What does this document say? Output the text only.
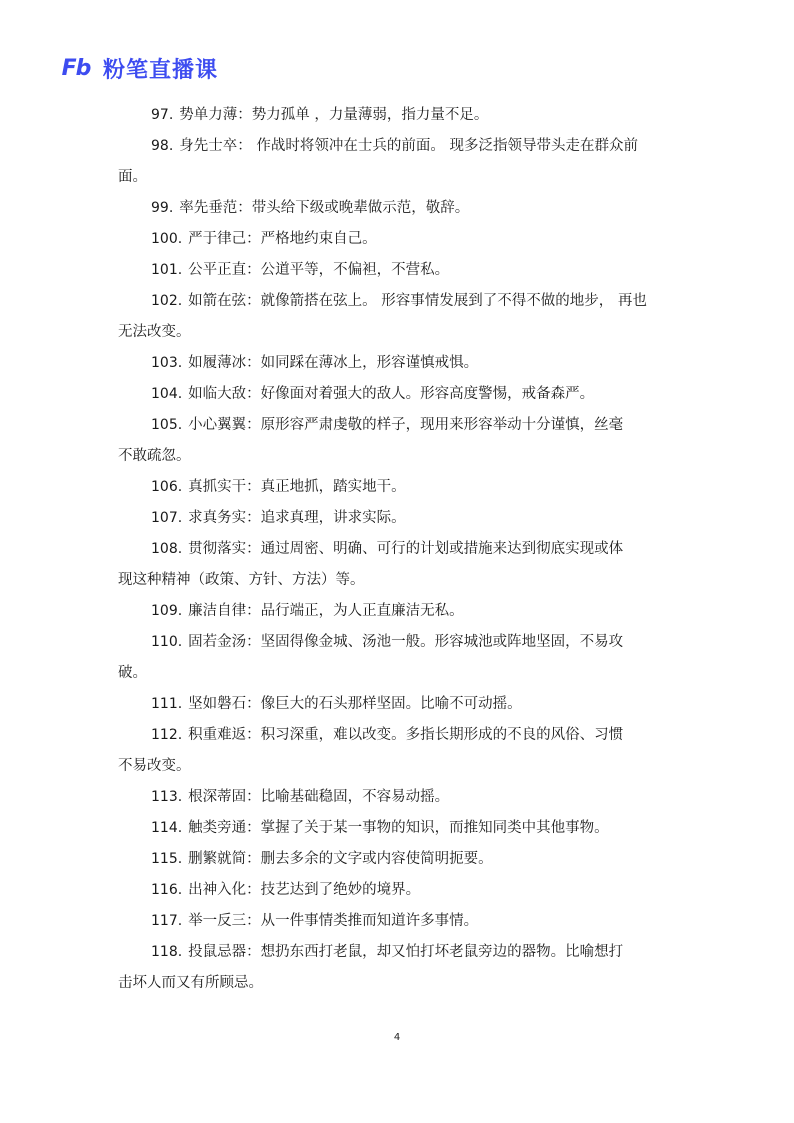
Fb 粉笔直播课
97. 势单力薄：势力孤单 ，力量薄弱，指力量不足。
98. 身先士卒： 作战时将领冲在士兵的前面。 现多泛指领导带头走在群众前
面。
99. 率先垂范：带头给下级或晚辈做示范，敬辞。
100. 严于律己：严格地约束自己。
101. 公平正直：公道平等，不偏袒，不营私。
102. 如箭在弦：就像箭搭在弦上。 形容事情发展到了不得不做的地步， 再也
无法改变。
103. 如履薄冰：如同踩在薄冰上，形容谨慎戒惧。
104. 如临大敌：好像面对着强大的敌人。形容高度警惕，戒备森严。
105. 小心翼翼：原形容严肃虔敬的样子，现用来形容举动十分谨慎，丝毫
不敢疏忽。
106. 真抓实干：真正地抓，踏实地干。
107. 求真务实：追求真理，讲求实际。
108. 贯彻落实：通过周密、明确、可行的计划或措施来达到彻底实现或体
现这种精神（政策、方针、方法）等。
109. 廉洁自律：品行端正，为人正直廉洁无私。
110. 固若金汤：坚固得像金城、汤池一般。形容城池或阵地坚固，不易攻
破。
111. 坚如磐石：像巨大的石头那样坚固。比喻不可动摇。
112. 积重难返：积习深重，难以改变。多指长期形成的不良的风俗、习惯
不易改变。
113. 根深蒂固：比喻基础稳固，不容易动摇。
114. 触类旁通：掌握了关于某一事物的知识，而推知同类中其他事物。
115. 删繁就简：删去多余的文字或内容使简明扼要。
116. 出神入化：技艺达到了绝妙的境界。
117. 举一反三：从一件事情类推而知道许多事情。
118. 投鼠忌器：想扔东西打老鼠，却又怕打坏老鼠旁边的器物。比喻想打
击坏人而又有所顾忌。
4
